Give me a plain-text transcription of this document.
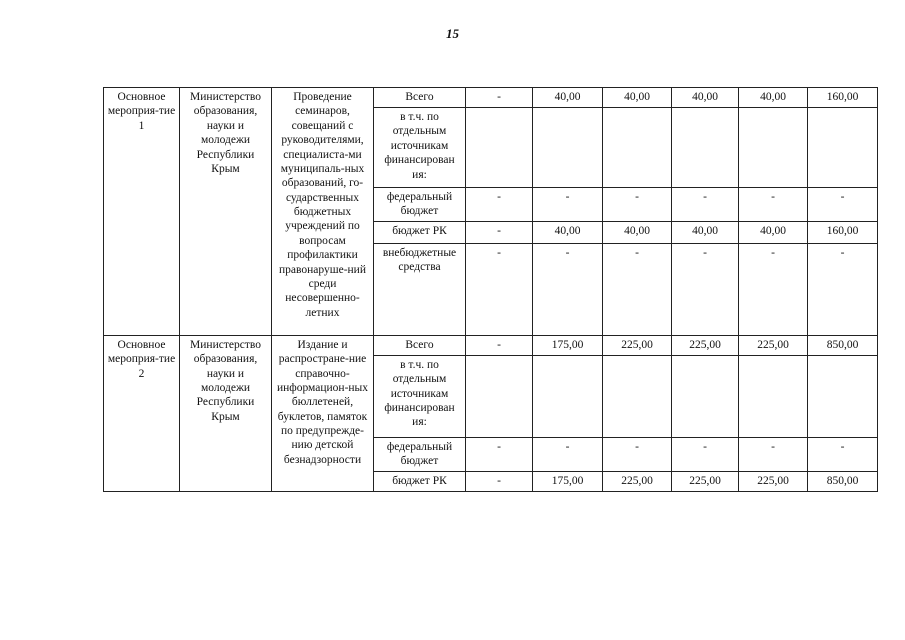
15
Основное мероприя-тие 1	Министерство образования, науки и молодежи Республики Крым	Проведение семинаров, совещаний с руководителями, специалиста-ми муниципаль-ных образований, го-сударственных бюджетных учреждений по вопросам профилактики правонаруше-ний среди несовершенно-летних	Всего	-	40,00	40,00	40,00	40,00	160,00
			в т.ч. по отдельным источникам финансирован ия:						
			федеральный бюджет	-	-	-	-	-	-
			бюджет РК	-	40,00	40,00	40,00	40,00	160,00
			внебюджетные средства	-	-	-	-	-	-
Основное мероприя-тие 2	Министерство образования, науки и молодежи Республики Крым	Издание и распростране-ние справочно-информацион-ных бюллетеней, буклетов, памяток по предупрежде-нию детской безнадзорности	Всего	-	175,00	225,00	225,00	225,00	850,00
			в т.ч. по отдельным источникам финансирован ия:						
			федеральный бюджет	-	-	-	-	-	-
			бюджет РК	-	175,00	225,00	225,00	225,00	850,00
